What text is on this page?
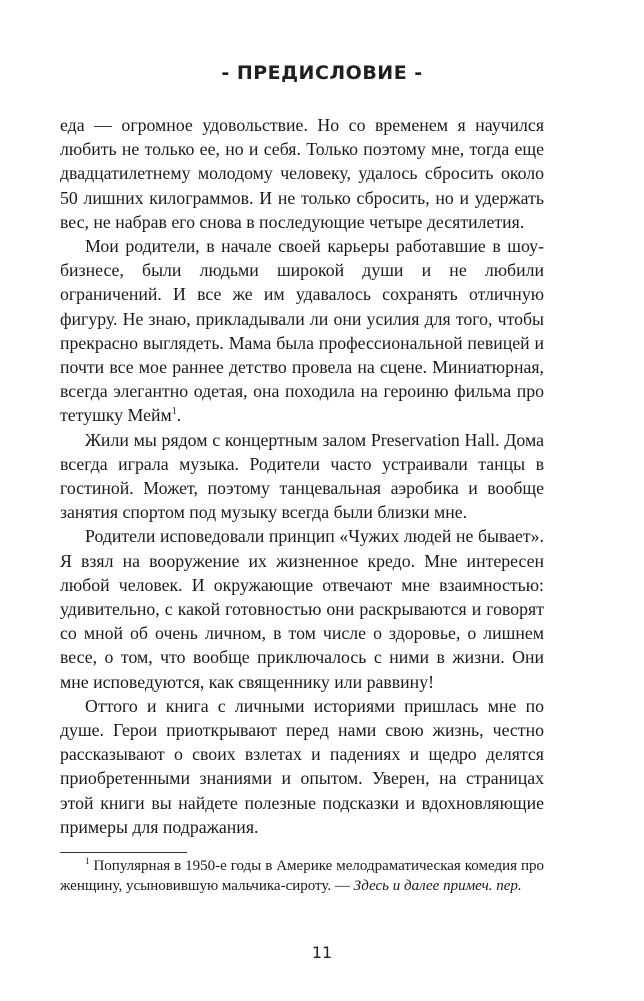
- ПРЕДИСЛОВИЕ -

еда — огромное удовольствие. Но со временем я научился любить не только ее, но и себя. Только поэтому мне, тогда еще двадцатилетнему молодому человеку, удалось сбросить около 50 лишних килограммов. И не только сбросить, но и удержать вес, не набрав его снова в последующие четыре десятилетия.

Мои родители, в начале своей карьеры работавшие в шоу-бизнесе, были людьми широкой души и не любили ограничений. И все же им удавалось сохранять отличную фигуру. Не знаю, прикладывали ли они усилия для того, чтобы прекрасно выглядеть. Мама была профессиональной певицей и почти все мое раннее детство провела на сцене. Миниатюрная, всегда элегантно одетая, она походила на героиню фильма про тетушку Мейм$^1$.

Жили мы рядом с концертным залом Preservation Hall. Дома всегда играла музыка. Родители часто устраивали танцы в гостиной. Может, поэтому танцевальная аэробика и вообще занятия спортом под музыку всегда были близки мне.

Родители исповедовали принцип «Чужих людей не бывает». Я взял на вооружение их жизненное кредо. Мне интересен любой человек. И окружающие отвечают мне взаимностью: удивительно, с какой готовностью они раскрываются и говорят со мной об очень личном, в том числе о здоровье, о лишнем весе, о том, что вообще приключалось с ними в жизни. Они мне исповедуются, как священнику или раввину!

Оттого и книга с личными историями пришлась мне по душе. Герои приоткрывают перед нами свою жизнь, честно рассказывают о своих взлетах и падениях и щедро делятся приобретенными знаниями и опытом. Уверен, на страницах этой книги вы найдете полезные подсказки и вдохновляющие примеры для подражания.

$^1$ Популярная в 1950-е годы в Америке мелодраматическая комедия про женщину, усыновившую мальчика-сироту. — Здесь и далее примеч. пер.
11
